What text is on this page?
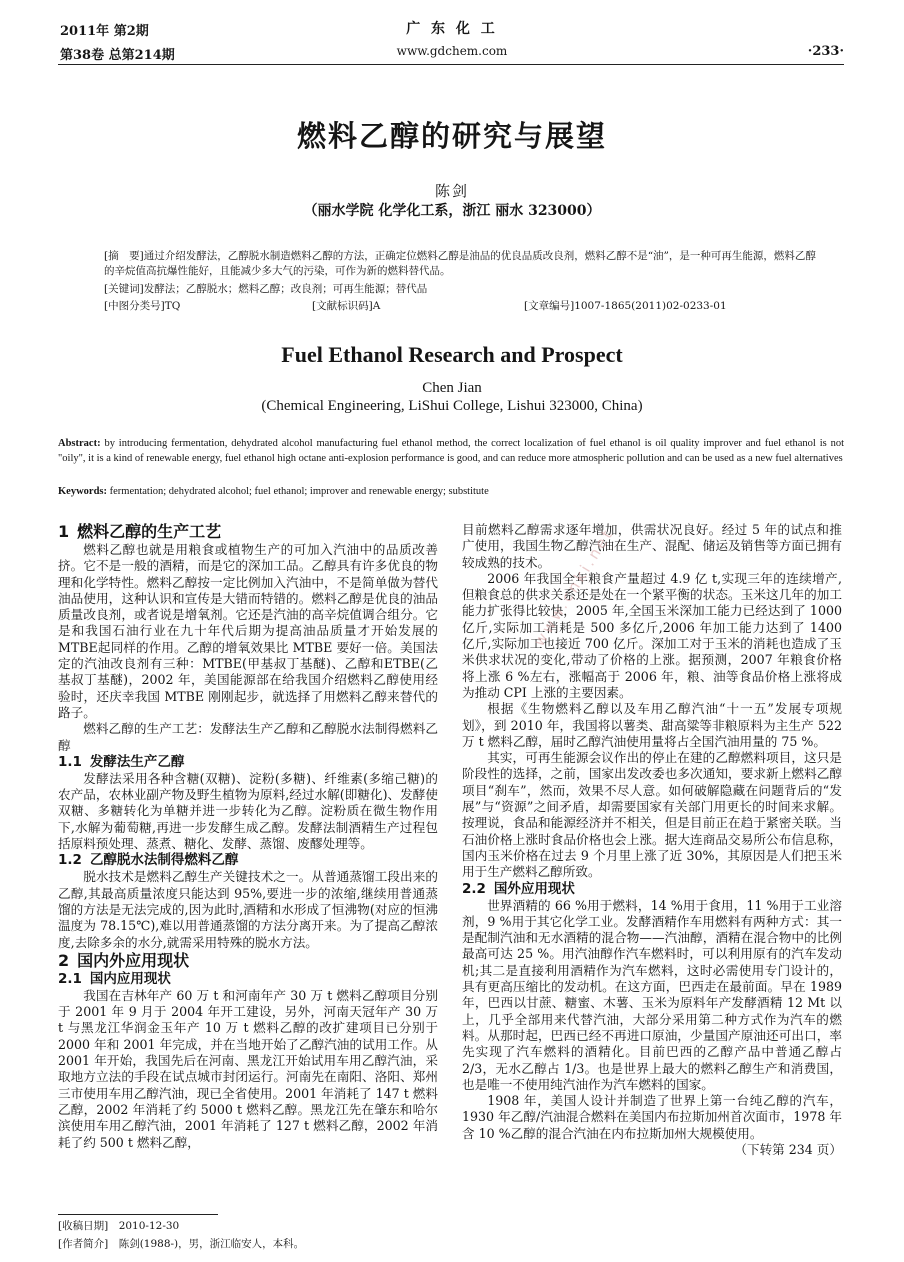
2011年 第2期
第38卷 总第214期
广 东 化 工
www.gdchem.com	·233·
燃料乙醇的研究与展望
陈剑
（丽水学院 化学化工系，浙江 丽水 323000）
[摘　要]通过介绍发酵法，乙醇脱水制造燃料乙醇的方法，正确定位燃料乙醇是油品的优良品质改良剂，燃料乙醇不是“油”，是一种可再生能源，燃料乙醇的辛烷值高抗爆性能好，且能减少多大气的污染，可作为新的燃料替代品。
[关键词]发酵法；乙醇脱水；燃料乙醇；改良剂；可再生能源；替代品
[中图分类号]TQ	[文献标识码]A	[文章编号]1007-1865(2011)02-0233-01
Fuel Ethanol Research and Prospect
Chen Jian
(Chemical Engineering, LiShui College, Lishui 323000, China)
Abstract: by introducing fermentation, dehydrated alcohol manufacturing fuel ethanol method, the correct localization of fuel ethanol is oil quality improver and fuel ethanol is not "oily", it is a kind of renewable energy, fuel ethanol high octane anti-explosion performance is good, and can reduce more atmospheric pollution and can be used as a new fuel alternatives
Keywords: fermentation; dehydrated alcohol; fuel ethanol; improver and renewable energy; substitute
1 燃料乙醇的生产工艺

燃料乙醇也就是用粮食或植物生产的可加入汽油中的品质改善挤。它不是一般的酒精，而是它的深加工品。乙醇具有许多优良的物理和化学特性。燃料乙醇按一定比例加入汽油中，不是简单做为替代油品使用，这种认识和宣传是大错而特错的。燃料乙醇是优良的油品质量改良剂，或者说是增氧剂。它还是汽油的高辛烷值调合组分。它是和我国石油行业在九十年代后期为提高油品质量才开始发展的MTBE起同样的作用。乙醇的增氧效果比 MTBE 要好一倍。美国法定的汽油改良剂有三种：MTBE(甲基叔丁基醚)、乙醇和ETBE(乙基叔丁基醚)，2002 年，美国能源部在给我国介绍燃料乙醇使用经验时，还庆幸我国 MTBE 刚刚起步，就选择了用燃料乙醇来替代的路子。

燃料乙醇的生产工艺：发酵法生产乙醇和乙醇脱水法制得燃料乙醇

1.1 发酵法生产乙醇

发酵法采用各种含糖(双糖)、淀粉(多糖)、纤维素(多缩己糖)的农产品，农林业副产物及野生植物为原料,经过水解(即糖化)、发酵使双糖、多糖转化为单糖并进一步转化为乙醇。淀粉质在微生物作用下,水解为葡萄糖,再进一步发酵生成乙醇。发酵法制酒精生产过程包括原料预处理、蒸煮、糖化、发酵、蒸馏、废醪处理等。

1.2 乙醇脱水法制得燃料乙醇

脱水技术是燃料乙醇生产关键技术之一。从普通蒸馏工段出来的乙醇,其最高质量浓度只能达到 95%,要进一步的浓缩,继续用普通蒸馏的方法是无法完成的,因为此时,酒精和水形成了恒沸物(对应的恒沸温度为 78.15℃),难以用普通蒸馏的方法分离开来。为了提高乙醇浓度,去除多余的水分,就需采用特殊的脱水方法。

2 国内外应用现状
2.1 国内应用现状

我国在吉林年产 60 万 t 和河南年产 30 万 t 燃料乙醇项目分别于 2001 年 9 月于 2004 年开工建设，另外，河南天冠年产 30 万 t 与黑龙江华润金玉年产 10 万 t 燃料乙醇的改扩建项目已分别于 2000 年和 2001 年完成，并在当地开始了乙醇汽油的试用工作。从 2001 年开始，我国先后在河南、黑龙江开始试用车用乙醇汽油，采取地方立法的手段在试点城市封闭运行。河南先在南阳、洛阳、郑州三市使用车用乙醇汽油，现已全省使用。2001 年消耗了 147 t 燃料乙醇，2002 年消耗了约 5000 t 燃料乙醇。黑龙江先在肇东和哈尔滨使用车用乙醇汽油，2001 年消耗了 127 t 燃料乙醇，2002 年消耗了约 500 t 燃料乙醇，

目前燃料乙醇需求逐年增加，供需状况良好。经过 5 年的试点和推广使用，我国生物乙醇汽油在生产、混配、储运及销售等方面已拥有较成熟的技术。

2006 年我国全年粮食产量超过 4.9 亿 t,实现三年的连续增产,但粮食总的供求关系还是处在一个紧平衡的状态。玉米这几年的加工能力扩张得比较快，2005 年,全国玉米深加工能力已经达到了 1000 亿斤,实际加工消耗是 500 多亿斤,2006 年加工能力达到了 1400 亿斤,实际加工也接近 700 亿斤。深加工对于玉米的消耗也造成了玉米供求状况的变化,带动了价格的上涨。据预测，2007 年粮食价格将上涨 6 %左右，涨幅高于 2006 年，粮、油等食品价格上涨将成为推动 CPI 上涨的主要因素。

根据《生物燃料乙醇以及车用乙醇汽油“十一五”发展专项规划》，到 2010 年，我国将以薯类、甜高粱等非粮原料为主生产 522 万 t 燃料乙醇，届时乙醇汽油使用量将占全国汽油用量的 75 %。

其实，可再生能源会议作出的停止在建的乙醇燃料项目，这只是阶段性的选择，之前，国家出发改委也多次通知，要求新上燃料乙醇项目“刹车”，然而，效果不尽人意。如何破解隐藏在问题背后的“发展”与“资源”之间矛盾，却需要国家有关部门用更长的时间来求解。按理说，食品和能源经济并不相关，但是目前正在趋于紧密关联。当石油价格上涨时食品价格也会上涨。据大连商品交易所公布信息称，国内玉米价格在过去 9 个月里上涨了近 30%，其原因是人们把玉米用于生产燃料乙醇所致。

2.2 国外应用现状

世界酒精的 66 %用于燃料，14 %用于食用，11 %用于工业溶剂，9 %用于其它化学工业。发酵酒精作车用燃料有两种方式：其一是配制汽油和无水酒精的混合物——汽油醇，酒精在混合物中的比例最高可达 25 %。用汽油醇作汽车燃料时，可以利用原有的汽车发动机;其二是直接利用酒精作为汽车燃料，这时必需使用专门设计的，具有更高压缩比的发动机。在这方面，巴西走在最前面。早在 1989 年，巴西以甘蔗、糖蜜、木薯、玉米为原料年产发酵酒精 12 Mt 以上，几乎全部用来代替汽油，大部分采用第二种方式作为汽车的燃料。从那时起，巴西已经不再进口原油，少量国产原油还可出口，率先实现了汽车燃料的酒精化。目前巴西的乙醇产品中普通乙醇占 2/3，无水乙醇占 1/3。也是世界上最大的燃料乙醇生产和消费国，也是唯一不使用纯汽油作为汽车燃料的国家。

1908 年，美国人设计并制造了世界上第一台纯乙醇的汽车，1930 年乙醇/汽油混合燃料在美国内布拉斯加州首次面市，1978 年含 10 %乙醇的混合汽油在内布拉斯加州大规模使用。

（下转第 234 页）

www.cnki.net
[收稿日期]　2010-12-30
[作者简介]　陈剑(1988-)，男，浙江临安人，本科。
